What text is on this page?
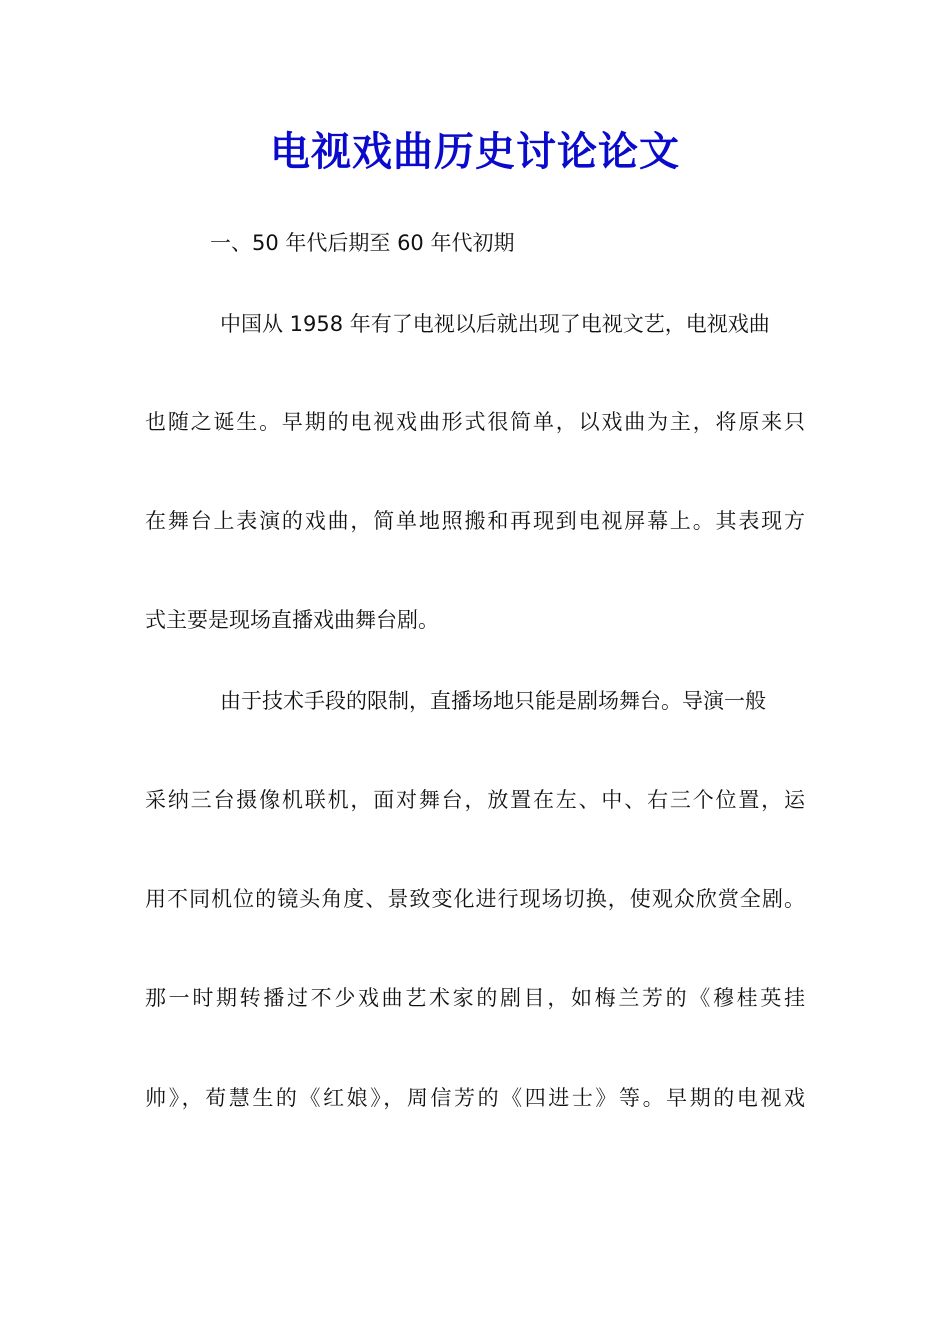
电视戏曲历史讨论论文

一、50 年代后期至 60 年代初期

中国从 1958 年有了电视以后就出现了电视文艺，电视戏曲

也随之诞生。早期的电视戏曲形式很简单，以戏曲为主，将原来只

在舞台上表演的戏曲，简单地照搬和再现到电视屏幕上。其表现方

式主要是现场直播戏曲舞台剧。

由于技术手段的限制，直播场地只能是剧场舞台。导演一般

采纳三台摄像机联机，面对舞台，放置在左、中、右三个位置，运

用不同机位的镜头角度、景致变化进行现场切换，使观众欣赏全剧。

那一时期转播过不少戏曲艺术家的剧目，如梅兰芳的《穆桂英挂

帅》，荀慧生的《红娘》，周信芳的《四进士》等。早期的电视戏
